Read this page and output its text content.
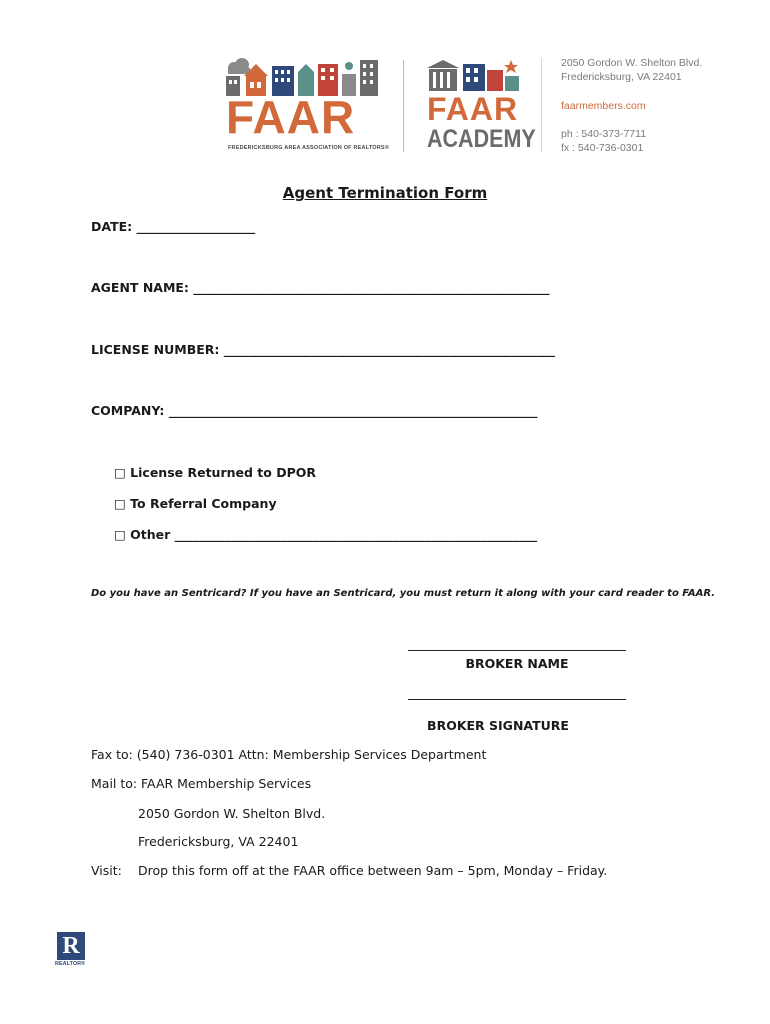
FAAR
FREDERICKSBURG AREA ASSOCIATION OF REALTORS®
FAAR
ACADEMY
2050 Gordon W. Shelton Blvd.
Fredericksburg, VA 22401
faarmembers.com
ph : 540-373-7711
fx : 540-736-0301
Agent Termination Form
DATE: ___________________
AGENT NAME: _________________________________________________________
LICENSE NUMBER: _____________________________________________________
COMPANY: ___________________________________________________________
□ License Returned to DPOR
□ To Referral Company
□ Other __________________________________________________________
Do you have an Sentricard? If you have an Sentricard, you must return it along with your card reader to FAAR.
BROKER NAME
BROKER SIGNATURE
Fax to: (540) 736-0301 Attn: Membership Services Department
Mail to: FAAR Membership Services
2050 Gordon W. Shelton Blvd.
Fredericksburg, VA 22401
Visit: Drop this form off at the FAAR office between 9am – 5pm, Monday – Friday.
R
REALTOR®
